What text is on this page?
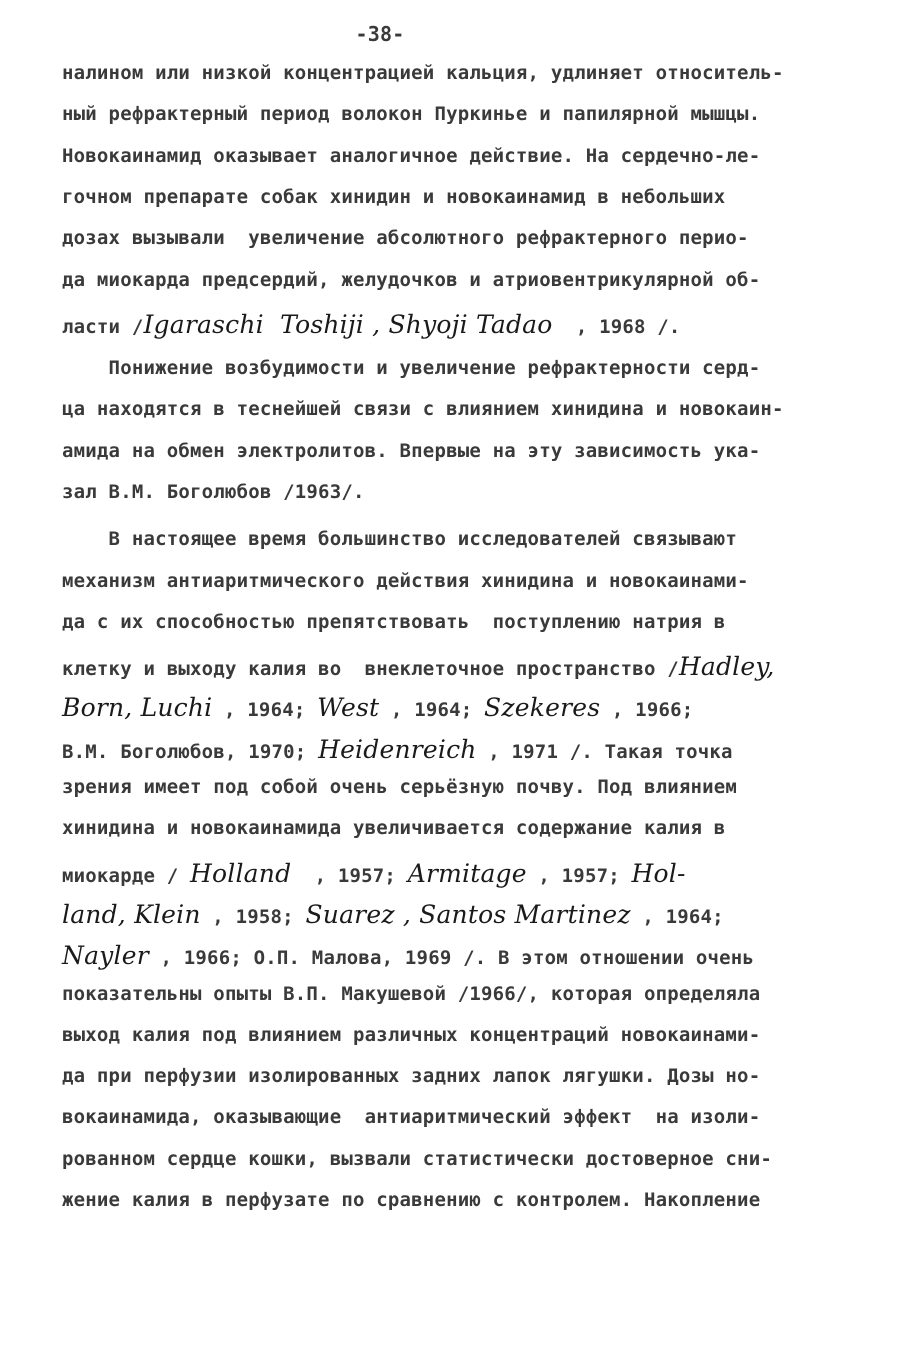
-38-
налином или низкой концентрацией кальция, удлиняет относитель-
ный рефрактерный период волокон Пуркинье и папилярной мышцы.
Новокаинамид оказывает аналогичное действие. На сердечно-ле-
гочном препарате собак хинидин и новокаинамид в небольших
дозах вызывали  увеличение абсолютного рефрактерного перио-
да миокарда предсердий, желудочков и атриовентрикулярной об-
ласти /Igaraschi  Toshiji , Shyoji Tadao  , 1968 /.
Понижение возбудимости и увеличение рефрактерности серд-
ца находятся в теснейшей связи с влиянием хинидина и новокаин-
амида на обмен электролитов. Впервые на эту зависимость ука-
зал В.М. Боголюбов /1963/.
В настоящее время большинство исследователей связывают
механизм антиаритмического действия хинидина и новокаинами-
да с их способностью препятствовать  поступлению натрия в
клетку и выходу калия во  внеклеточное пространство /Hadley,
Born, Luchi , 1964; West , 1964; Szekeres , 1966;
В.М. Боголюбов, 1970; Heidenreich , 1971 /. Такая точка
зрения имеет под собой очень серьёзную почву. Под влиянием
хинидина и новокаинамида увеличивается содержание калия в
миокарде / Holland  , 1957; Armitage , 1957; Hol-
land, Klein , 1958; Suarez , Santos Martinez , 1964;
Nayler , 1966; О.П. Малова, 1969 /. В этом отношении очень
показательны опыты В.П. Макушевой /1966/, которая определяла
выход калия под влиянием различных концентраций новокаинами-
да при перфузии изолированных задних лапок лягушки. Дозы но-
вокаинамида, оказывающие  антиаритмический эффект  на изоли-
рованном сердце кошки, вызвали статистически достоверное сни-
жение калия в перфузате по сравнению с контролем. Накопление
